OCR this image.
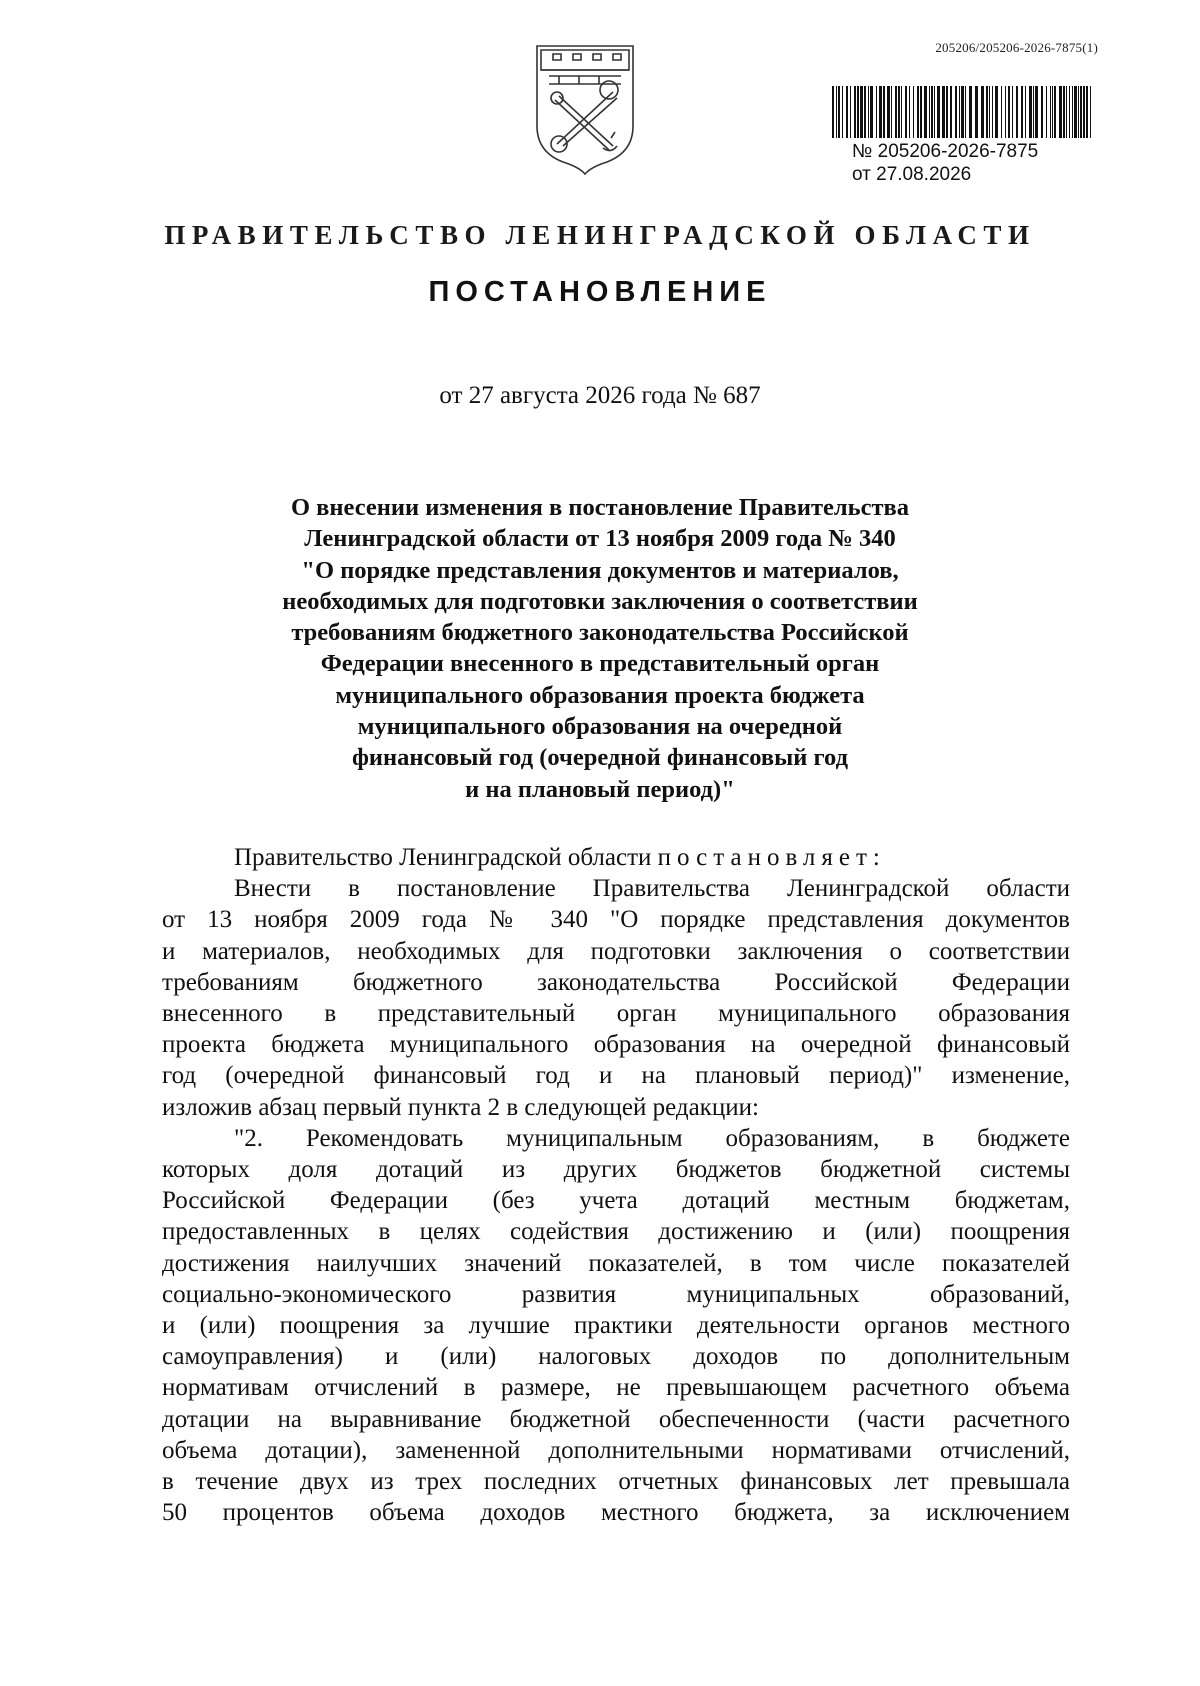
205206/205206-2026-7875(1)
№ 205206-2026-7875
от 27.08.2026
ПРАВИТЕЛЬСТВО ЛЕНИНГРАДСКОЙ ОБЛАСТИ
ПОСТАНОВЛЕНИЕ
от 27 августа 2026 года № 687
О внесении изменения в постановление Правительства
Ленинградской области от 13 ноября 2009 года № 340
"О порядке представления документов и материалов,
необходимых для подготовки заключения о соответствии
требованиям бюджетного законодательства Российской
Федерации внесенного в представительный орган
муниципального образования проекта бюджета
муниципального образования на очередной
финансовый год (очередной финансовый год
и на плановый период)"
Правительство Ленинградской области постановляет:
Внести в постановление Правительства Ленинградской области
от 13 ноября 2009 года № 340 "О порядке представления документов
и материалов, необходимых для подготовки заключения о соответствии
требованиям бюджетного законодательства Российской Федерации
внесенного в представительный орган муниципального образования
проекта бюджета муниципального образования на очередной финансовый
год (очередной финансовый год и на плановый период)" изменение,
изложив абзац первый пункта 2 в следующей редакции:
"2. Рекомендовать муниципальным образованиям, в бюджете
которых доля дотаций из других бюджетов бюджетной системы
Российской Федерации (без учета дотаций местным бюджетам,
предоставленных в целях содействия достижению и (или) поощрения
достижения наилучших значений показателей, в том числе показателей
социально-экономического развития муниципальных образований,
и (или) поощрения за лучшие практики деятельности органов местного
самоуправления) и (или) налоговых доходов по дополнительным
нормативам отчислений в размере, не превышающем расчетного объема
дотации на выравнивание бюджетной обеспеченности (части расчетного
объема дотации), замененной дополнительными нормативами отчислений,
в течение двух из трех последних отчетных финансовых лет превышала
50 процентов объема доходов местного бюджета, за исключением
